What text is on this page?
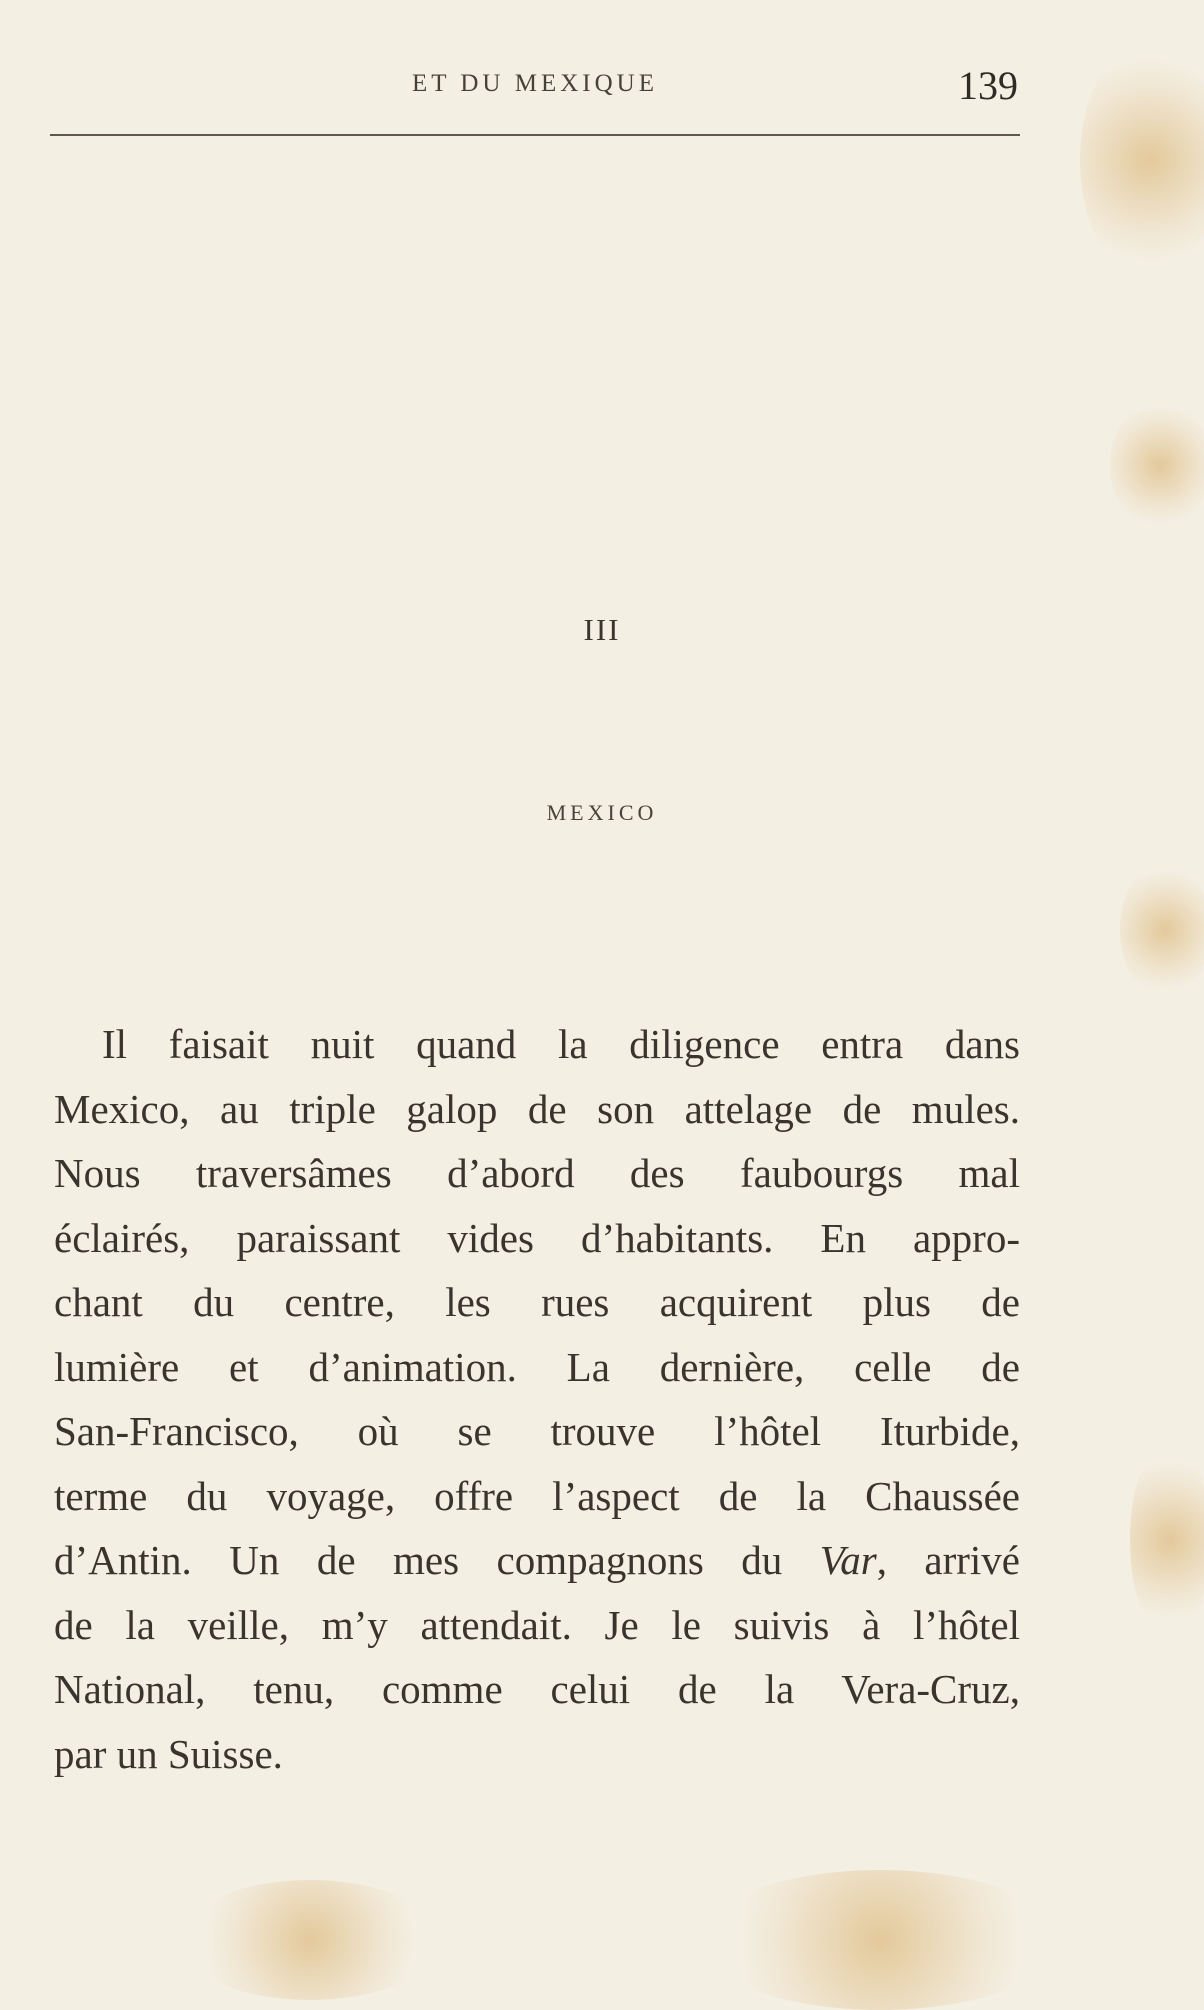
ET DU MEXIQUE	139
III
MEXICO
Il faisait nuit quand la diligence entra dans
Mexico, au triple galop de son attelage de mules.
Nous traversâmes d’abord des faubourgs mal
éclairés, paraissant vides d’habitants. En appro-
chant du centre, les rues acquirent plus de
lumière et d’animation. La dernière, celle de
San-Francisco, où se trouve l’hôtel Iturbide,
terme du voyage, offre l’aspect de la Chaussée
d’Antin. Un de mes compagnons du Var, arrivé
de la veille, m’y attendait. Je le suivis à l’hôtel
National, tenu, comme celui de la Vera-Cruz,
par un Suisse.
